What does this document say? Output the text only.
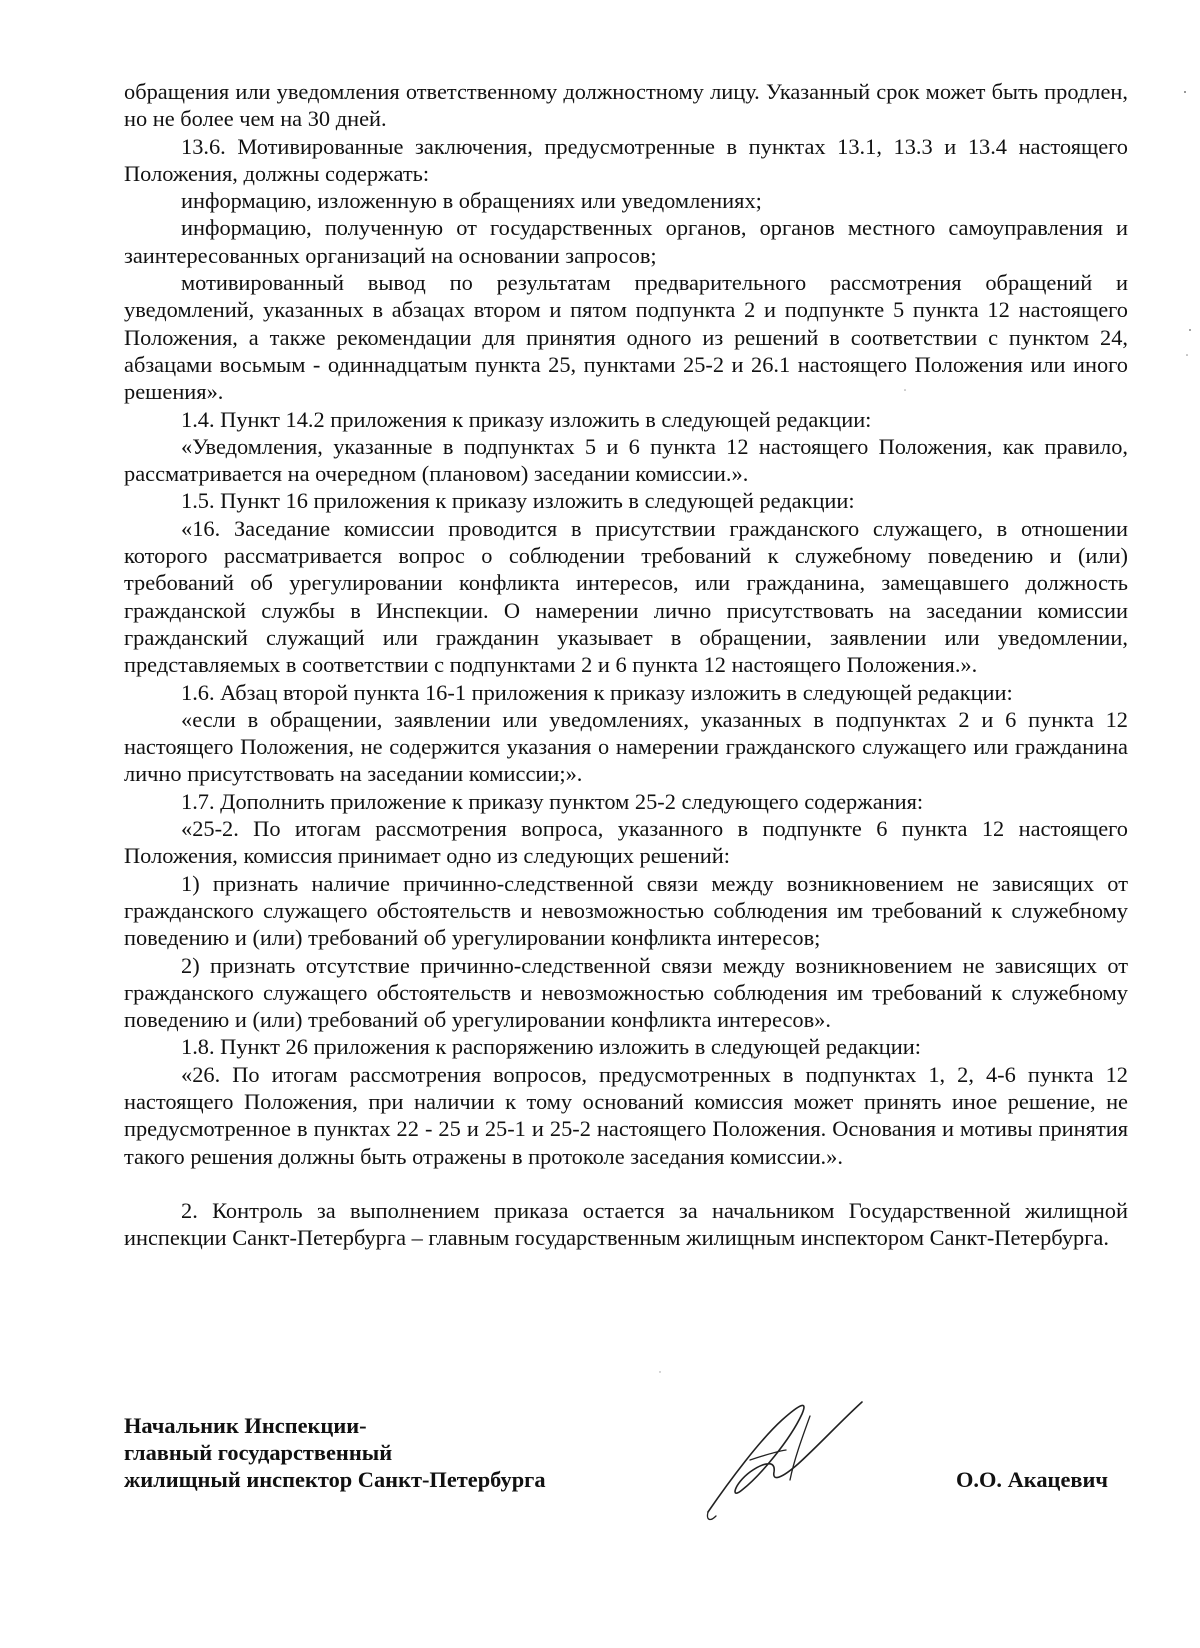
обращения или уведомления ответственному должностному лицу. Указанный срок может быть продлен, но не более чем на 30 дней.

13.6. Мотивированные заключения, предусмотренные в пунктах 13.1, 13.3 и 13.4 настоящего Положения, должны содержать:

информацию, изложенную в обращениях или уведомлениях;

информацию, полученную от государственных органов, органов местного самоуправления и заинтересованных организаций на основании запросов;

мотивированный вывод по результатам предварительного рассмотрения обращений и уведомлений, указанных в абзацах втором и пятом подпункта 2 и подпункте 5 пункта 12 настоящего Положения, а также рекомендации для принятия одного из решений в соответствии с пунктом 24, абзацами восьмым - одиннадцатым пункта 25, пунктами 25-2 и 26.1 настоящего Положения или иного решения».

1.4. Пункт 14.2 приложения к приказу изложить в следующей редакции:

«Уведомления, указанные в подпунктах 5 и 6 пункта 12 настоящего Положения, как правило, рассматривается на очередном (плановом) заседании комиссии.».

1.5. Пункт 16 приложения к приказу изложить в следующей редакции:

«16. Заседание комиссии проводится в присутствии гражданского служащего, в отношении которого рассматривается вопрос о соблюдении требований к служебному поведению и (или) требований об урегулировании конфликта интересов, или гражданина, замещавшего должность гражданской службы в Инспекции. О намерении лично присутствовать на заседании комиссии гражданский служащий или гражданин указывает в обращении, заявлении или уведомлении, представляемых в соответствии с подпунктами 2 и 6 пункта 12 настоящего Положения.».

1.6. Абзац второй пункта 16-1 приложения к приказу изложить в следующей редакции:

«если в обращении, заявлении или уведомлениях, указанных в подпунктах 2 и 6 пункта 12 настоящего Положения, не содержится указания о намерении гражданского служащего или гражданина лично присутствовать на заседании комиссии;».

1.7. Дополнить приложение к приказу пунктом 25-2 следующего содержания:

«25-2. По итогам рассмотрения вопроса, указанного в подпункте 6 пункта 12 настоящего Положения, комиссия принимает одно из следующих решений:

1) признать наличие причинно-следственной связи между возникновением не зависящих от гражданского служащего обстоятельств и невозможностью соблюдения им требований к служебному поведению и (или) требований об урегулировании конфликта интересов;

2) признать отсутствие причинно-следственной связи между возникновением не зависящих от гражданского служащего обстоятельств и невозможностью соблюдения им требований к служебному поведению и (или) требований об урегулировании конфликта интересов».

1.8. Пункт 26 приложения к распоряжению изложить в следующей редакции:

«26. По итогам рассмотрения вопросов, предусмотренных в подпунктах 1, 2, 4-6 пункта 12 настоящего Положения, при наличии к тому оснований комиссия может принять иное решение, не предусмотренное в пунктах 22 - 25 и 25-1 и 25-2 настоящего Положения. Основания и мотивы принятия такого решения должны быть отражены в протоколе заседания комиссии.».

2. Контроль за выполнением приказа остается за начальником Государственной жилищной инспекции Санкт-Петербурга – главным государственным жилищным инспектором Санкт-Петербурга.

Начальник Инспекции-
главный государственный
жилищный инспектор Санкт-Петербурга	О.О. Акацевич
